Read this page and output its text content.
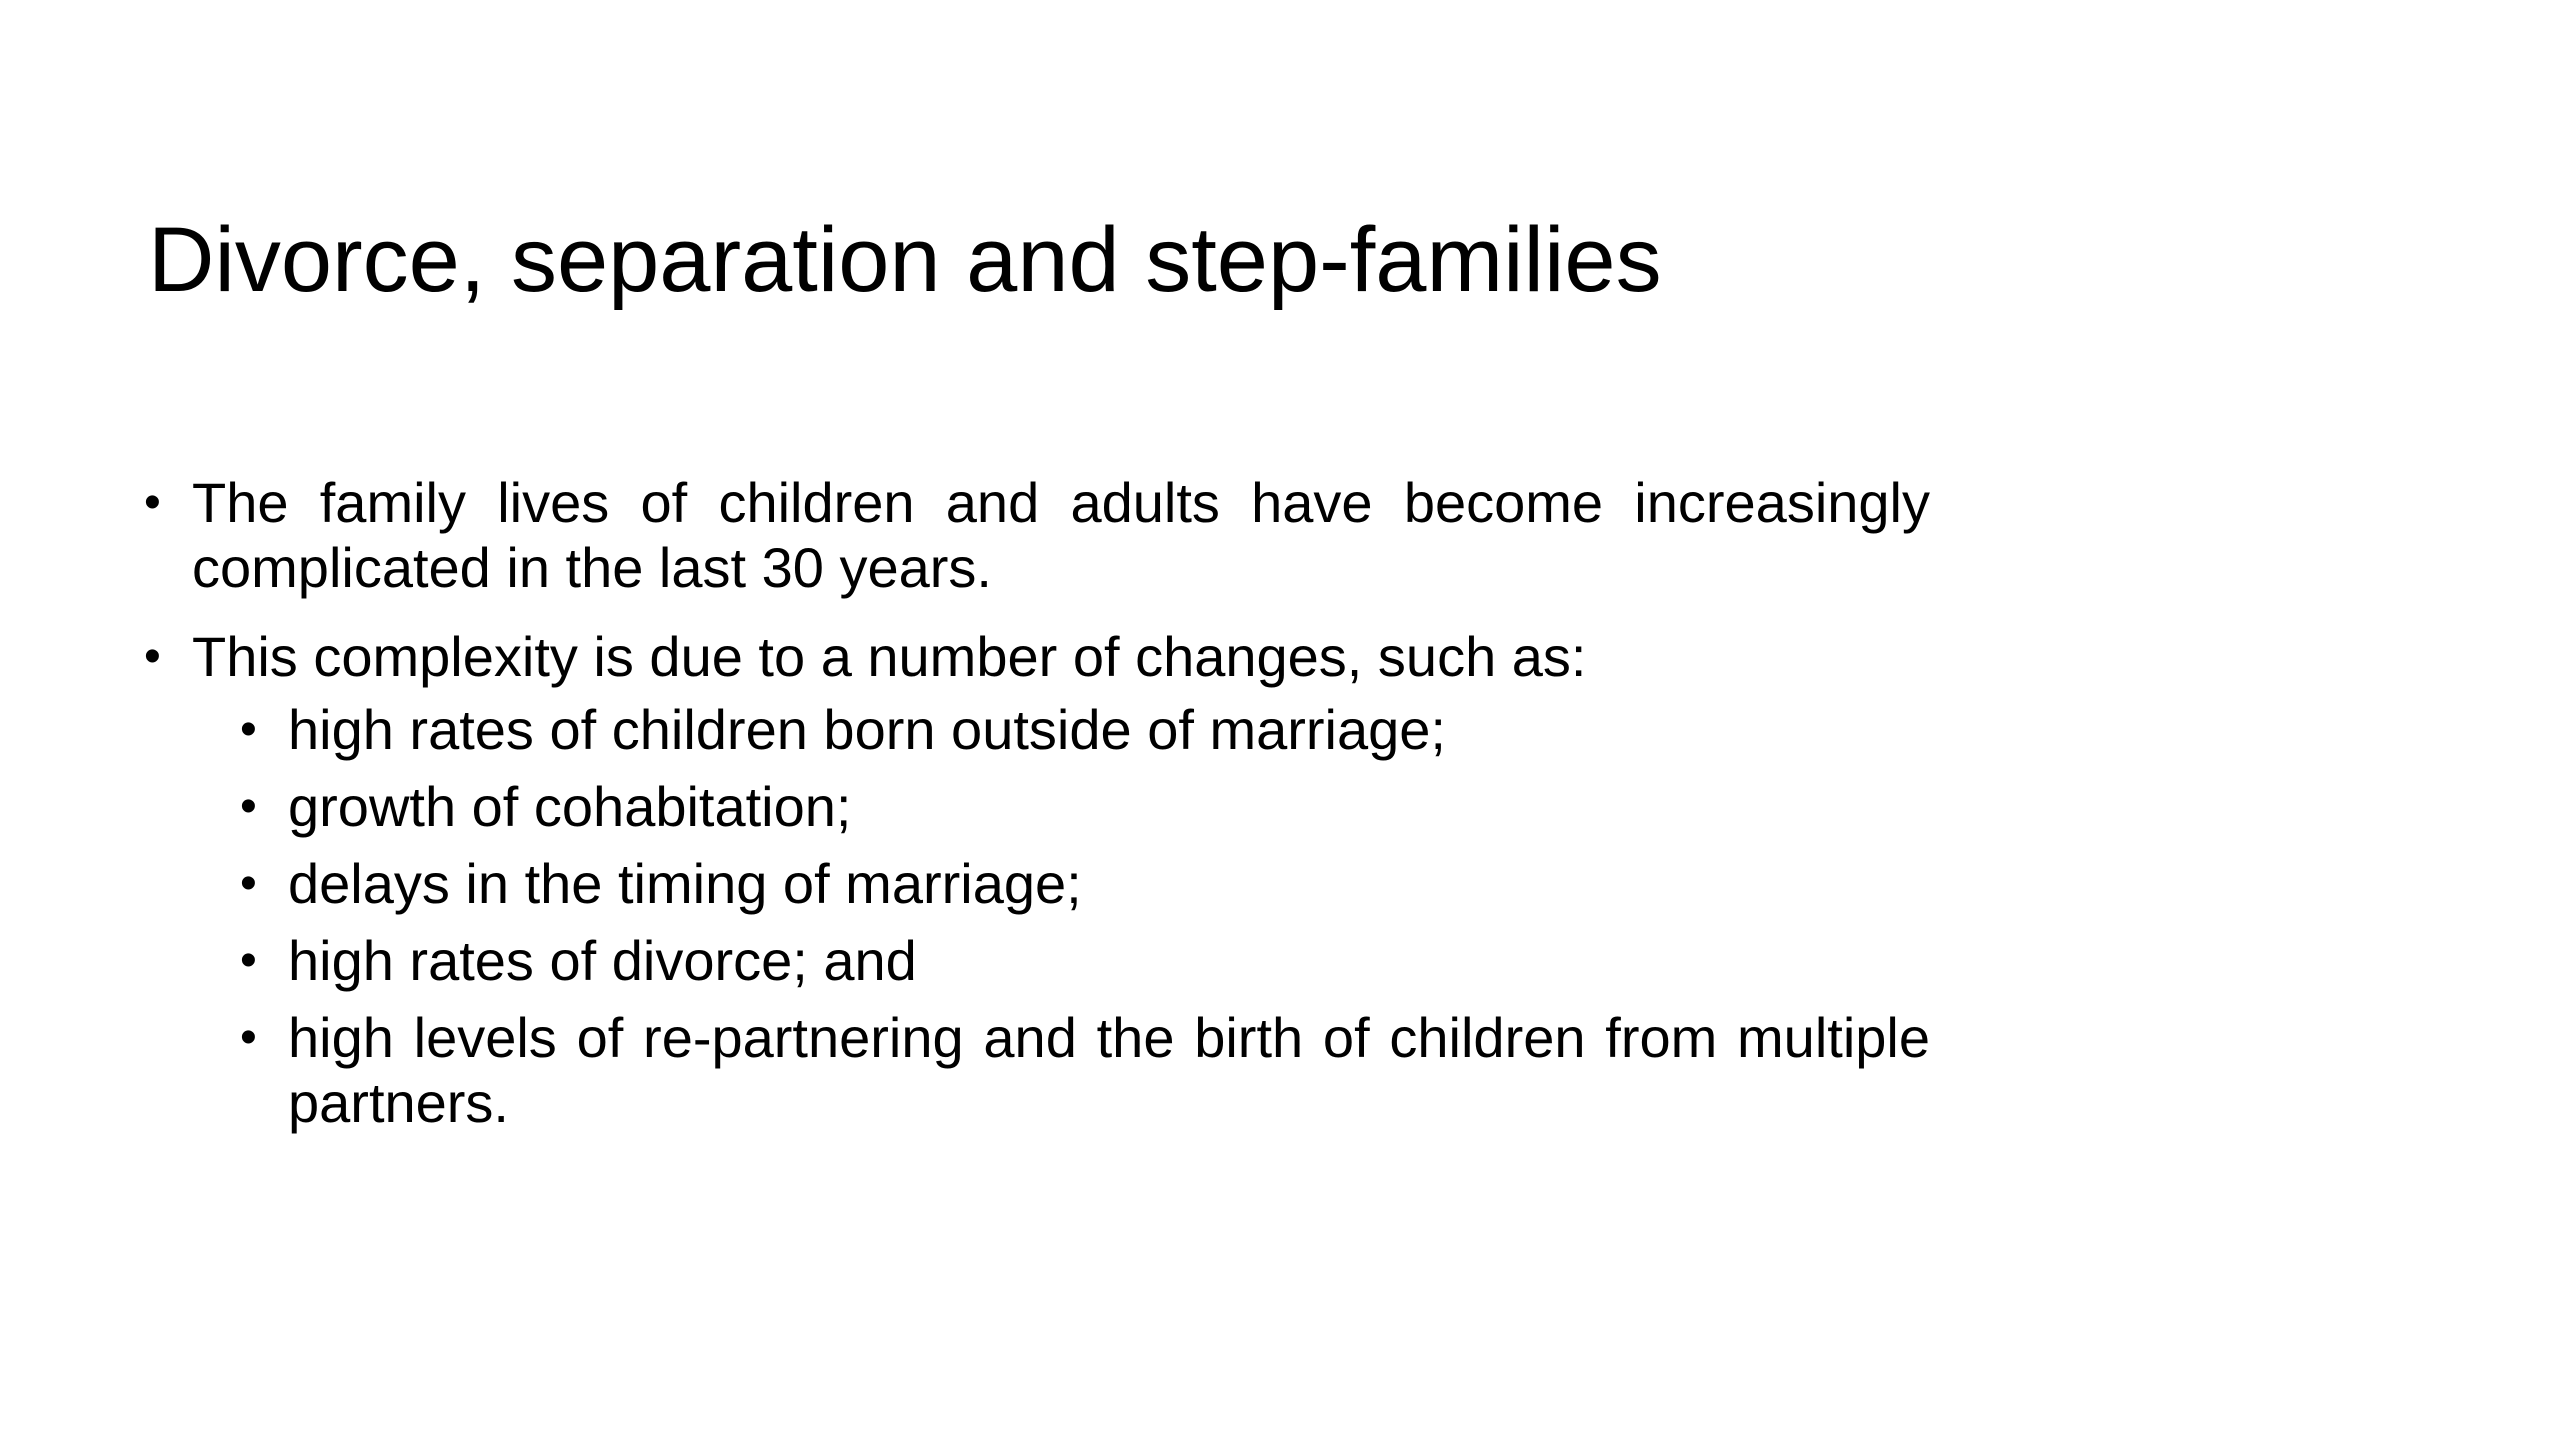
Divorce, separation and step-families
• The family lives of children and adults have become increasingly complicated in the last 30 years.
• This complexity is due to a number of changes, such as:
• high rates of children born outside of marriage;
• growth of cohabitation;
• delays in the timing of marriage;
• high rates of divorce; and
• high levels of re-partnering and the birth of children from multiple partners.
